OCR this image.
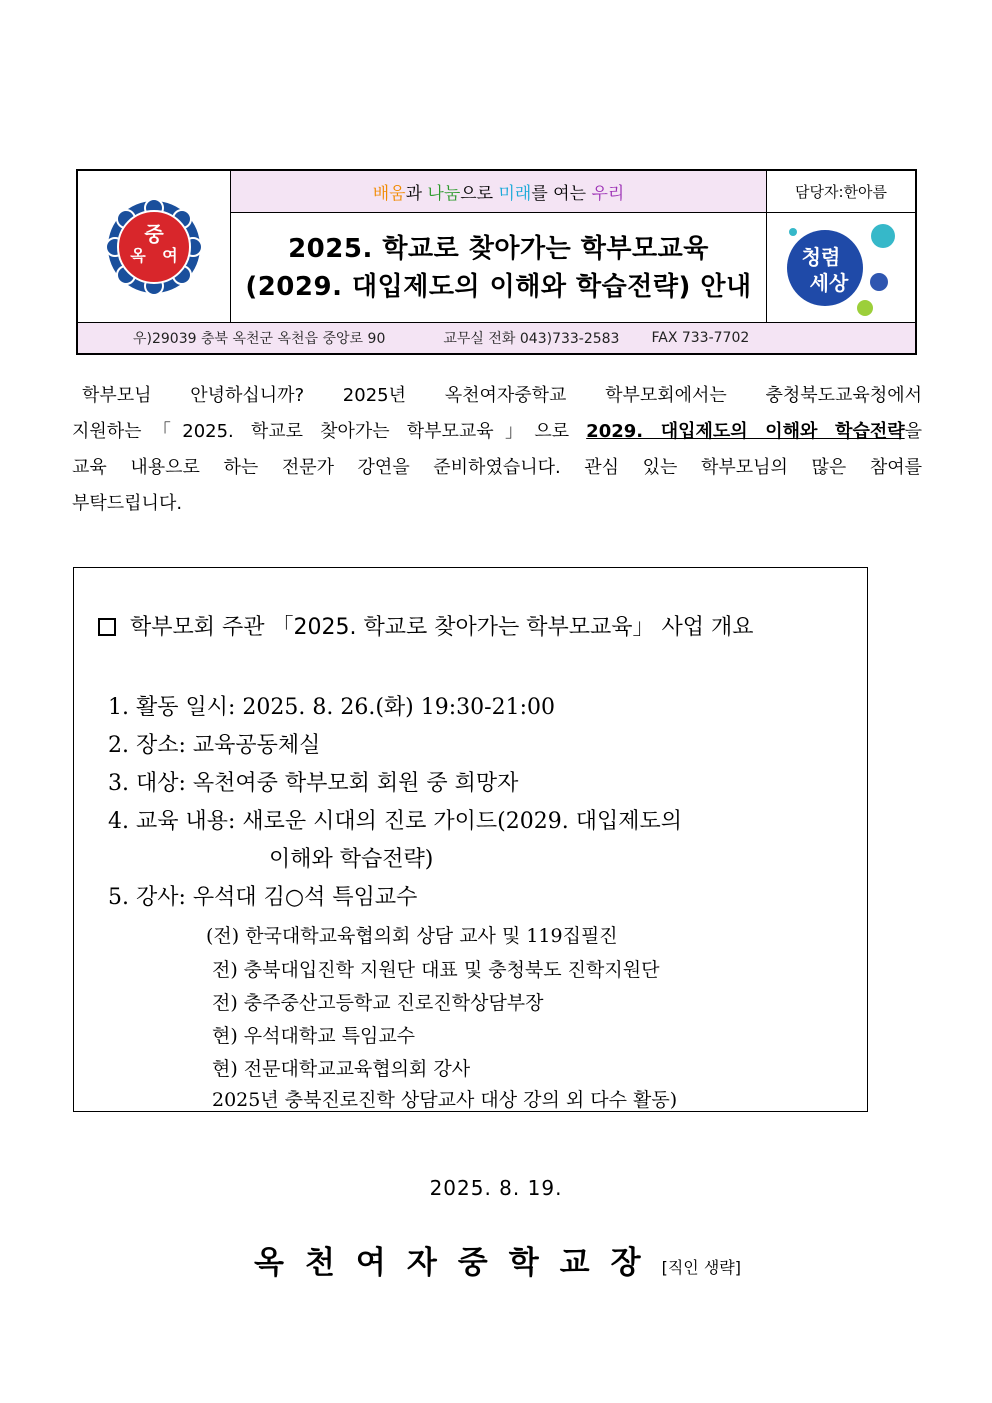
중
옥 여
배움 과 나눔 으로 미래 를 여는 우리	담당자:한아름
2025. 학교로 찾아가는 학부모교육
(2029. 대입제도의 이해와 학습전략) 안내
청렴
세상
우)29039 충북 옥천군 옥천읍 중앙로 90	교무실 전화 043)733-2583 FAX 733-7702
학부모님 안녕하십니까? 2025년 옥천여자중학교 학부모회에서는 충청북도교육청에서
지원하는「2025. 학교로 찾아가는 학부모교육」으로 2029. 대입제도의 이해와 학습전략을
교육 내용으로 하는 전문가 강연을 준비하였습니다. 관심 있는 학부모님의 많은 참여를
부탁드립니다.
학부모회 주관 「2025. 학교로 찾아가는 학부모교육」 사업 개요
1. 활동 일시: 2025. 8. 26.(화) 19:30-21:00
2. 장소: 교육공동체실
3. 대상: 옥천여중 학부모회 회원 중 희망자
4. 교육 내용: 새로운 시대의 진로 가이드(2029. 대입제도의
이해와 학습전략)
5. 강사: 우석대 김○석 특임교수
(전) 한국대학교육협의회 상담 교사 및 119집필진
전) 충북대입진학 지원단 대표 및 충청북도 진학지원단
전) 충주중산고등학교 진로진학상담부장
현) 우석대학교 특임교수
현) 전문대학교교육협의회 강사
2025년 충북진로진학 상담교사 대상 강의 외 다수 활동)
2025. 8. 19.
옥천여자중학교장[직인 생략]
